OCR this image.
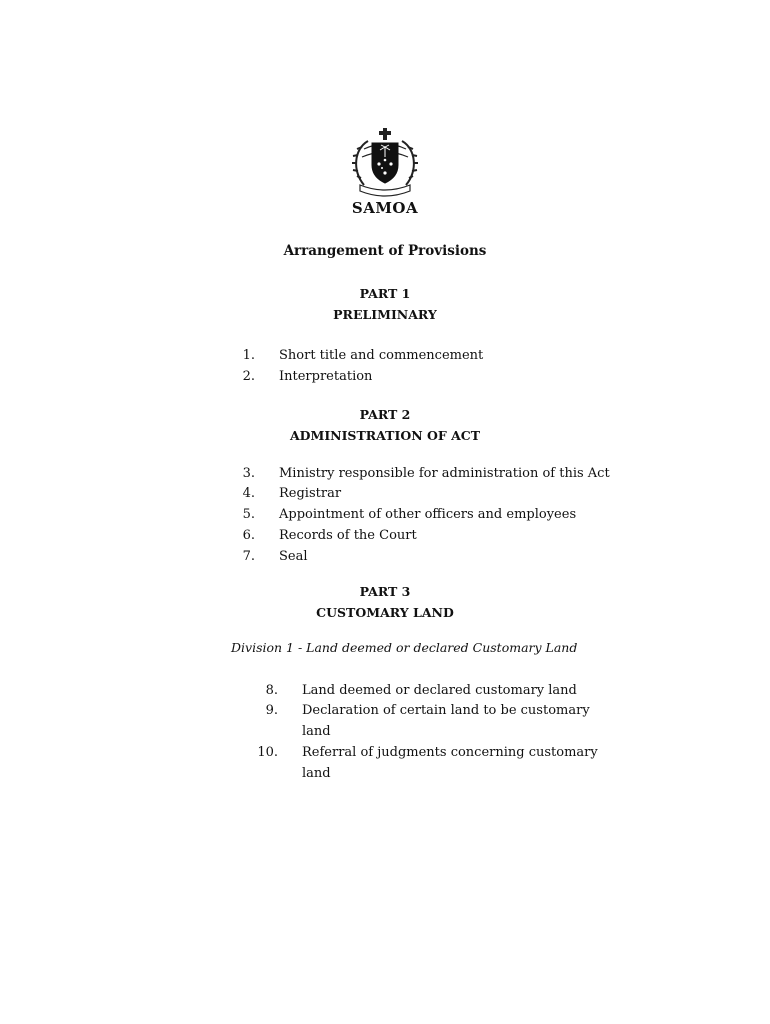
SAMOA
Arrangement of Provisions
PART 1
PRELIMINARY
1. Short title and commencement
2. Interpretation
PART 2
ADMINISTRATION OF ACT
3. Ministry responsible for administration of this Act
4. Registrar
5. Appointment of other officers and employees
6. Records of the Court
7. Seal
PART 3
CUSTOMARY LAND
Division 1 - Land deemed or declared Customary Land
8. Land deemed or declared customary land
9. Declaration of certain land to be customary
land
10. Referral of judgments concerning customary
land
